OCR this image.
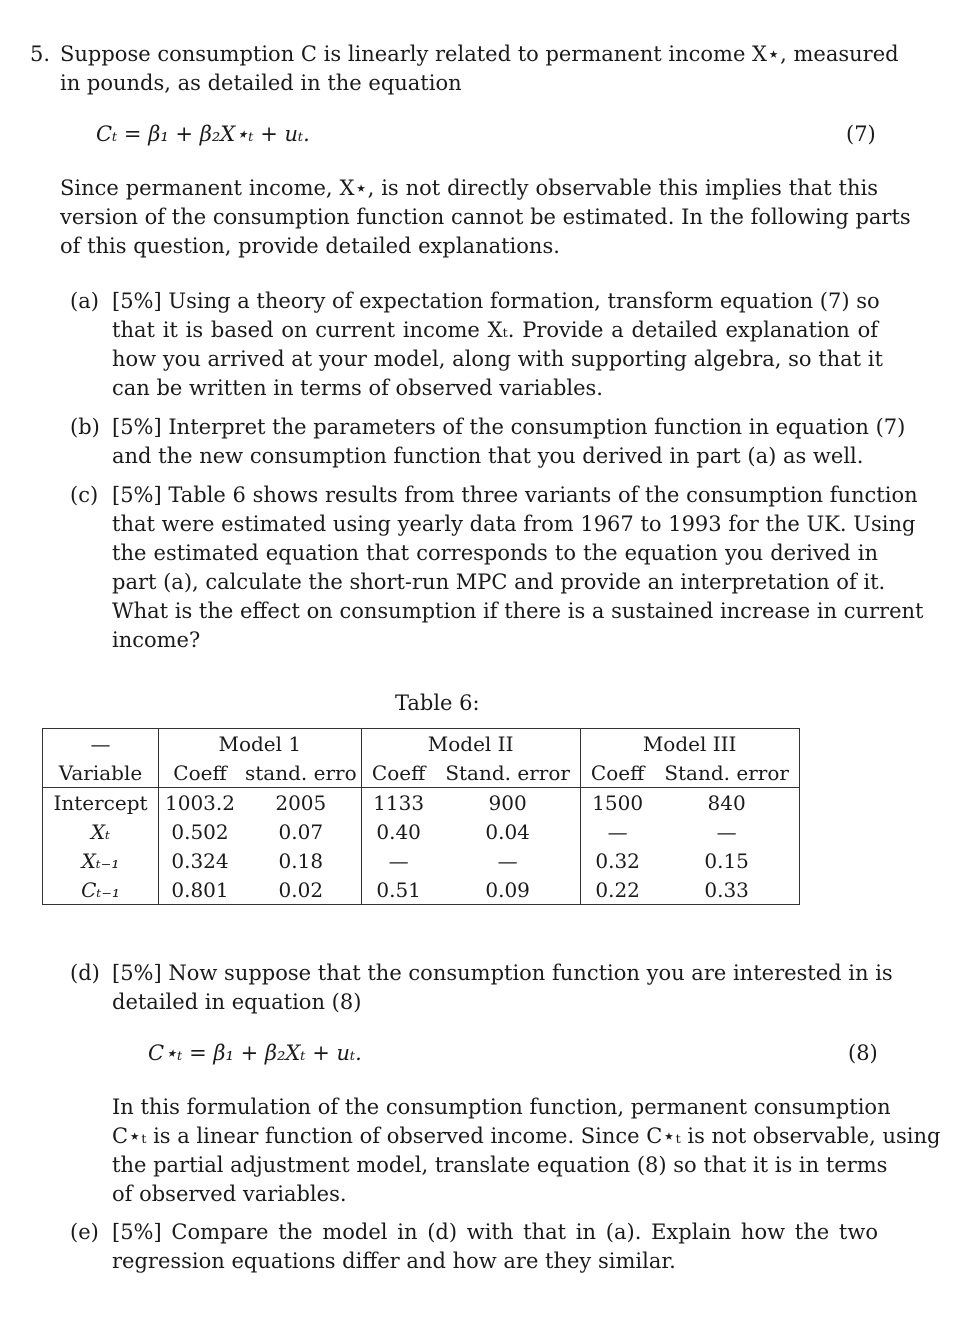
5. Suppose consumption C is linearly related to permanent income X⋆, measured
in pounds, as detailed in the equation
Cₜ = β₁ + β₂X⋆ₜ + uₜ.	(7)
Since permanent income, X⋆, is not directly observable this implies that this
version of the consumption function cannot be estimated. In the following parts
of this question, provide detailed explanations.
(a) [5%] Using a theory of expectation formation, transform equation (7) so
that it is based on current income Xₜ. Provide a detailed explanation of
how you arrived at your model, along with supporting algebra, so that it
can be written in terms of observed variables.
(b) [5%] Interpret the parameters of the consumption function in equation (7)
and the new consumption function that you derived in part (a) as well.
(c) [5%] Table 6 shows results from three variants of the consumption function
that were estimated using yearly data from 1967 to 1993 for the UK. Using
the estimated equation that corresponds to the equation you derived in
part (a), calculate the short-run MPC and provide an interpretation of it.
What is the effect on consumption if there is a sustained increase in current
income?
Table 6:
—	Model 1		Model II		Model III	
Variable	Coeff	stand. erro	Coeff	Stand. error	Coeff	Stand. error
Intercept	1003.2	2005	1133	900	1500	840
Xₜ	0.502	0.07	0.40	0.04	—	—
Xₜ₋₁	0.324	0.18	—	—	0.32	0.15
Cₜ₋₁	0.801	0.02	0.51	0.09	0.22	0.33
(d) [5%] Now suppose that the consumption function you are interested in is
detailed in equation (8)
C⋆ₜ = β₁ + β₂Xₜ + uₜ.	(8)
In this formulation of the consumption function, permanent consumption
C⋆ₜ is a linear function of observed income. Since C⋆ₜ is not observable, using
the partial adjustment model, translate equation (8) so that it is in terms
of observed variables.
(e) [5%] Compare the model in (d) with that in (a). Explain how the two
regression equations differ and how are they similar.
